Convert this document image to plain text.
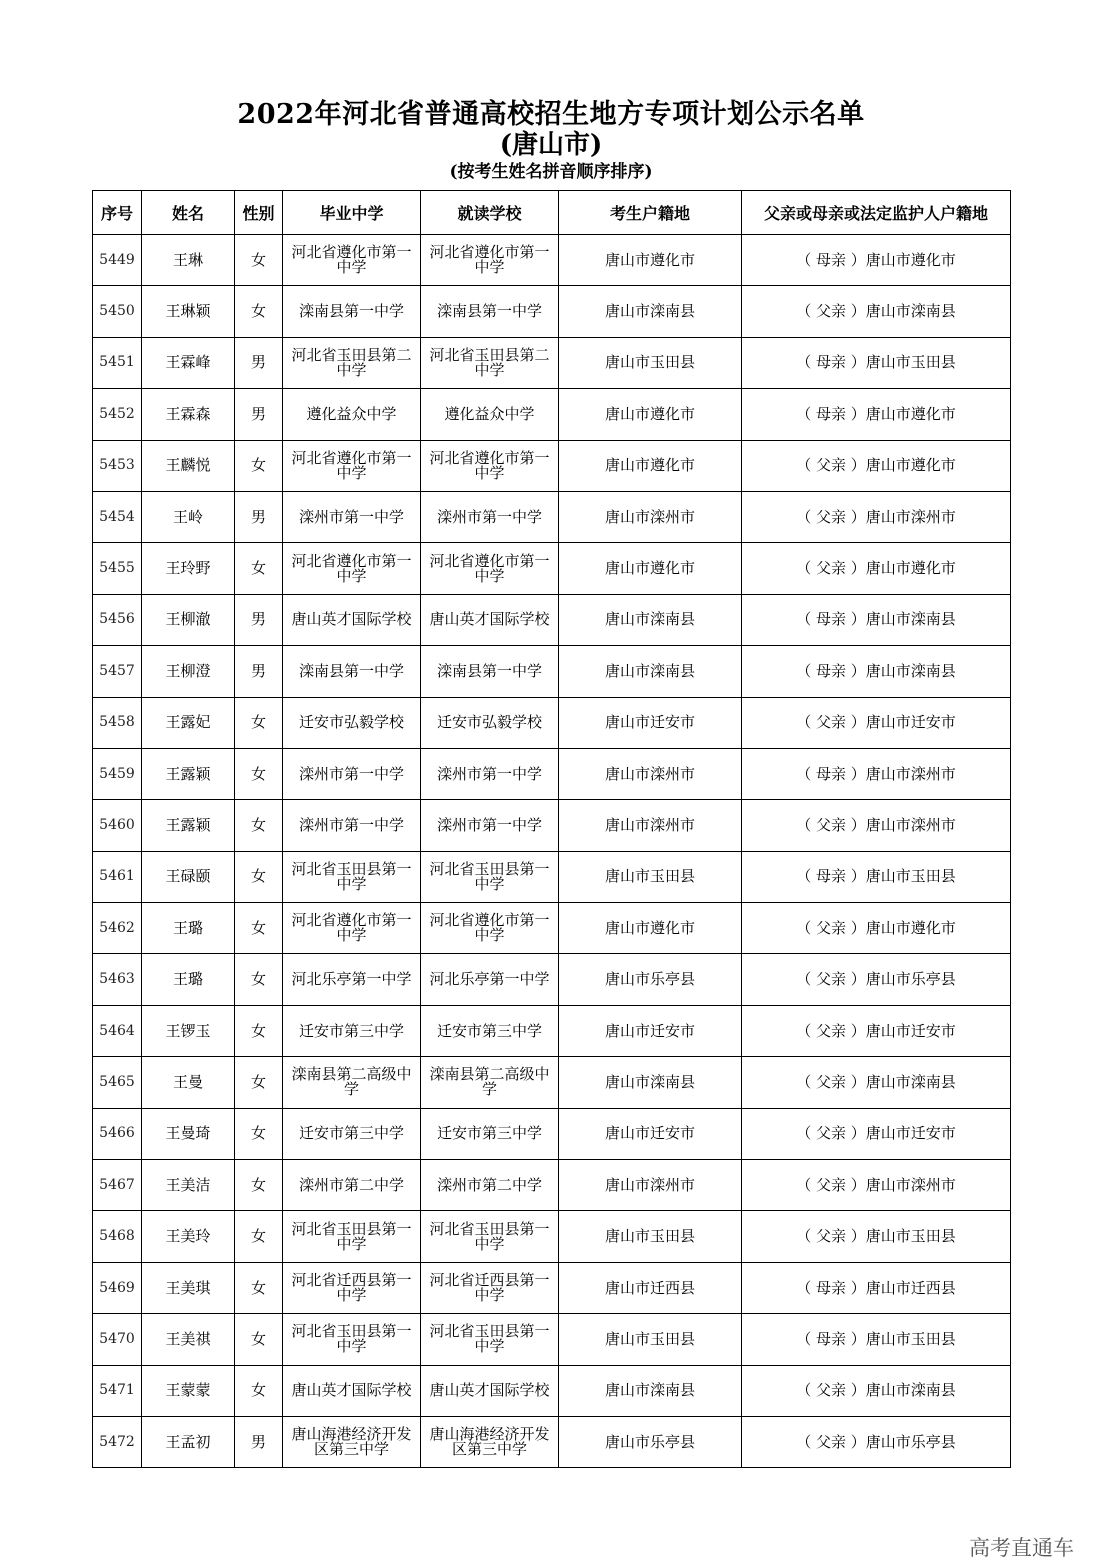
2022年河北省普通高校招生地方专项计划公示名单
(唐山市)
(按考生姓名拼音顺序排序)
序号	姓名	性别	毕业中学	就读学校	考生户籍地	父亲或母亲或法定监护人户籍地
5449	王琳	女	河北省遵化市第一中学	河北省遵化市第一中学	唐山市遵化市	（ 母亲 ）唐山市遵化市
5450	王琳颖	女	滦南县第一中学	滦南县第一中学	唐山市滦南县	（ 父亲 ）唐山市滦南县
5451	王霖峰	男	河北省玉田县第二中学	河北省玉田县第二中学	唐山市玉田县	（ 母亲 ）唐山市玉田县
5452	王霖森	男	遵化益众中学	遵化益众中学	唐山市遵化市	（ 母亲 ）唐山市遵化市
5453	王麟悦	女	河北省遵化市第一中学	河北省遵化市第一中学	唐山市遵化市	（ 父亲 ）唐山市遵化市
5454	王岭	男	滦州市第一中学	滦州市第一中学	唐山市滦州市	（ 父亲 ）唐山市滦州市
5455	王玲野	女	河北省遵化市第一中学	河北省遵化市第一中学	唐山市遵化市	（ 父亲 ）唐山市遵化市
5456	王柳澈	男	唐山英才国际学校	唐山英才国际学校	唐山市滦南县	（ 母亲 ）唐山市滦南县
5457	王柳澄	男	滦南县第一中学	滦南县第一中学	唐山市滦南县	（ 母亲 ）唐山市滦南县
5458	王露妃	女	迁安市弘毅学校	迁安市弘毅学校	唐山市迁安市	（ 父亲 ）唐山市迁安市
5459	王露颖	女	滦州市第一中学	滦州市第一中学	唐山市滦州市	（ 母亲 ）唐山市滦州市
5460	王露颖	女	滦州市第一中学	滦州市第一中学	唐山市滦州市	（ 父亲 ）唐山市滦州市
5461	王碌颐	女	河北省玉田县第一中学	河北省玉田县第一中学	唐山市玉田县	（ 母亲 ）唐山市玉田县
5462	王璐	女	河北省遵化市第一中学	河北省遵化市第一中学	唐山市遵化市	（ 父亲 ）唐山市遵化市
5463	王璐	女	河北乐亭第一中学	河北乐亭第一中学	唐山市乐亭县	（ 父亲 ）唐山市乐亭县
5464	王锣玉	女	迁安市第三中学	迁安市第三中学	唐山市迁安市	（ 父亲 ）唐山市迁安市
5465	王曼	女	滦南县第二高级中学	滦南县第二高级中学	唐山市滦南县	（ 父亲 ）唐山市滦南县
5466	王曼琦	女	迁安市第三中学	迁安市第三中学	唐山市迁安市	（ 父亲 ）唐山市迁安市
5467	王美洁	女	滦州市第二中学	滦州市第二中学	唐山市滦州市	（ 父亲 ）唐山市滦州市
5468	王美玲	女	河北省玉田县第一中学	河北省玉田县第一中学	唐山市玉田县	（ 父亲 ）唐山市玉田县
5469	王美琪	女	河北省迁西县第一中学	河北省迁西县第一中学	唐山市迁西县	（ 母亲 ）唐山市迁西县
5470	王美祺	女	河北省玉田县第一中学	河北省玉田县第一中学	唐山市玉田县	（ 母亲 ）唐山市玉田县
5471	王蒙蒙	女	唐山英才国际学校	唐山英才国际学校	唐山市滦南县	（ 父亲 ）唐山市滦南县
5472	王孟初	男	唐山海港经济开发区第三中学	唐山海港经济开发区第三中学	唐山市乐亭县	（ 父亲 ）唐山市乐亭县
高考直通车
